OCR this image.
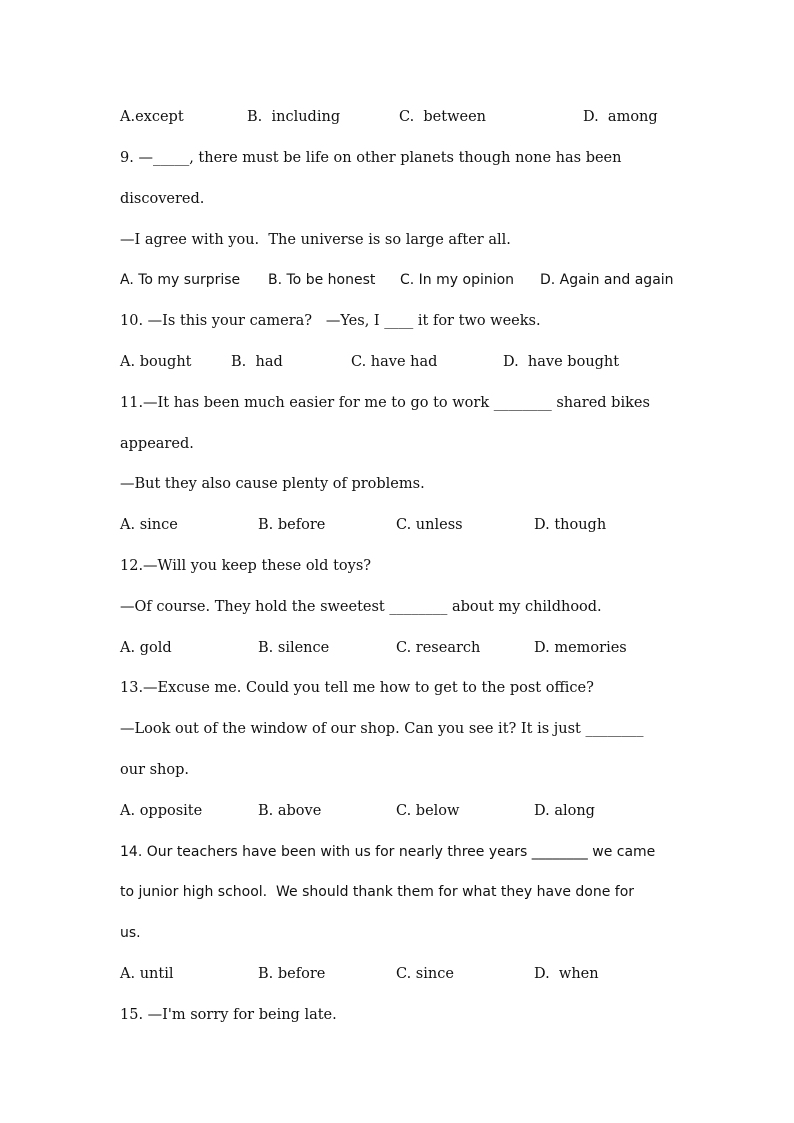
A.except	B.  including	C.  between	D.  among
9. —_____, there must be life on other planets though none has been
discovered.
—I agree with you.  The universe is so large after all.
A. To my surprise B. To be honest C. In my opinion D. Again and again
10. —Is this your camera?   —Yes, I ____ it for two weeks.
A. bought	B.  had	C. have had	D.  have bought
11.—It has been much easier for me to go to work ________ shared bikes
appeared.
—But they also cause plenty of problems.
A. since	B. before	C. unless	D. though
12.—Will you keep these old toys?
—Of course. They hold the sweetest ________ about my childhood.
A. gold	B. silence	C. research	D. memories
13.—Excuse me. Could you tell me how to get to the post office?
—Look out of the window of our shop. Can you see it? It is just ________
our shop.
A. opposite	B. above	C. below	D. along
14. Our teachers have been with us for nearly three years ________ we came
to junior high school.  We should thank them for what they have done for
us.
A. until	B. before	C. since	D.  when
15. —I'm sorry for being late.
